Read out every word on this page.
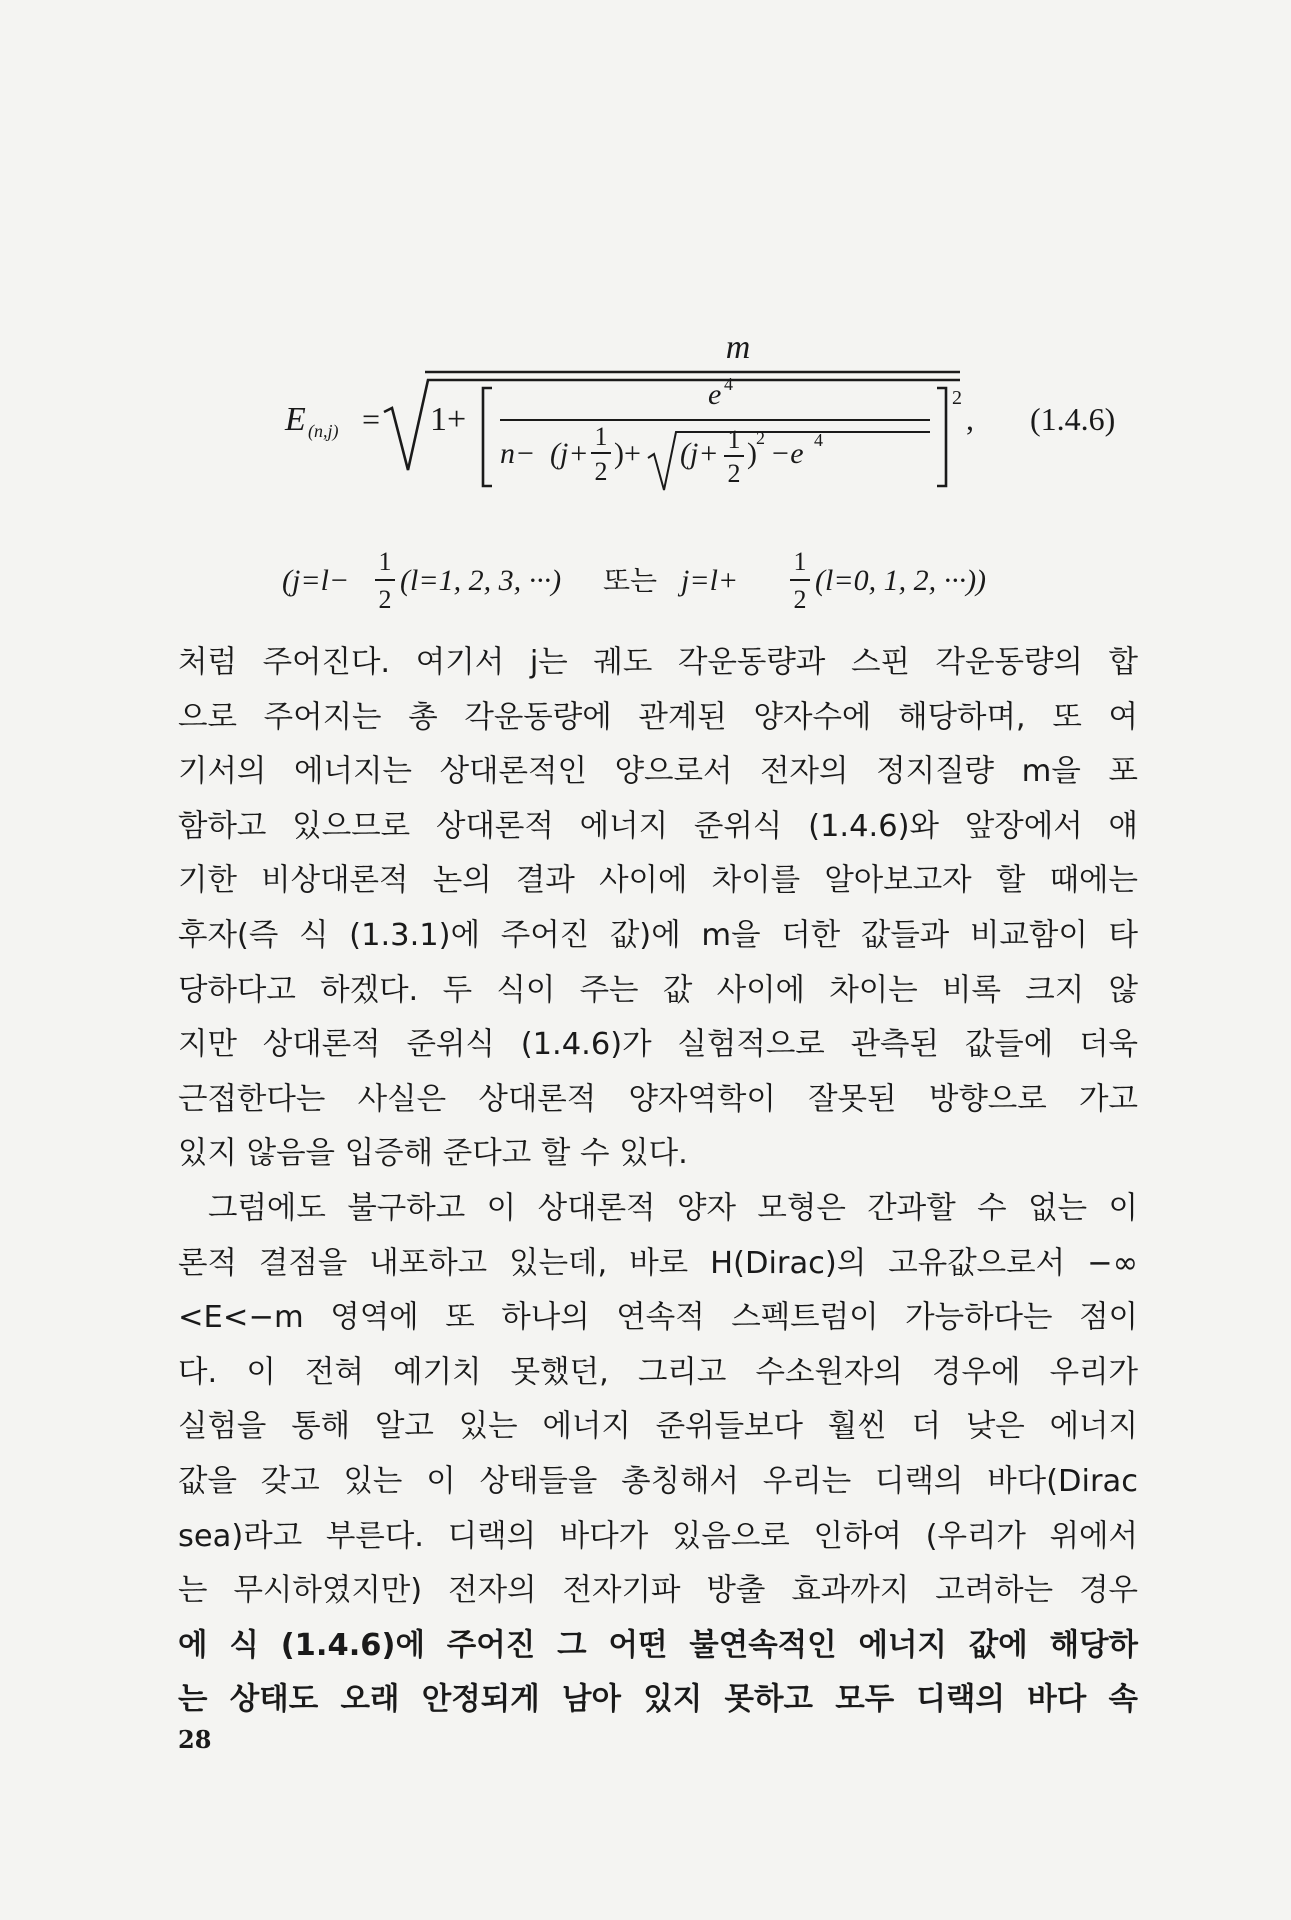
m
E (n,j) = 1+
2
,
e 4
n− (j+
1
2
)+ (j+ 1
2
) 2 −e 4
(1.4.6)
(j=l−
1
2
(l=1, 2, 3, ···) 또는 j=l+
1
2
(l=0, 1, 2, ···))
처럼 주어진다. 여기서 j는 궤도 각운동량과 스핀 각운동량의 합
으로 주어지는 총 각운동량에 관계된 양자수에 해당하며, 또 여
기서의 에너지는 상대론적인 양으로서 전자의 정지질량 m을 포
함하고 있으므로 상대론적 에너지 준위식 (1.4.6)와 앞장에서 얘
기한 비상대론적 논의 결과 사이에 차이를 알아보고자 할 때에는
후자(즉 식 (1.3.1)에 주어진 값)에 m을 더한 값들과 비교함이 타
당하다고 하겠다. 두 식이 주는 값 사이에 차이는 비록 크지 않
지만 상대론적 준위식 (1.4.6)가 실험적으로 관측된 값들에 더욱
근접한다는 사실은 상대론적 양자역학이 잘못된 방향으로 가고
있지 않음을 입증해 준다고 할 수 있다.
그럼에도 불구하고 이 상대론적 양자 모형은 간과할 수 없는 이
론적 결점을 내포하고 있는데, 바로 H(Dirac)의 고유값으로서 −∞
<E<−m 영역에 또 하나의 연속적 스펙트럼이 가능하다는 점이
다. 이 전혀 예기치 못했던, 그리고 수소원자의 경우에 우리가
실험을 통해 알고 있는 에너지 준위들보다 훨씬 더 낮은 에너지
값을 갖고 있는 이 상태들을 총칭해서 우리는 디랙의 바다(Dirac
sea)라고 부른다. 디랙의 바다가 있음으로 인하여 (우리가 위에서
는 무시하였지만) 전자의 전자기파 방출 효과까지 고려하는 경우
에 식 (1.4.6)에 주어진 그 어떤 불연속적인 에너지 값에 해당하
는 상태도 오래 안정되게 남아 있지 못하고 모두 디랙의 바다 속
28
